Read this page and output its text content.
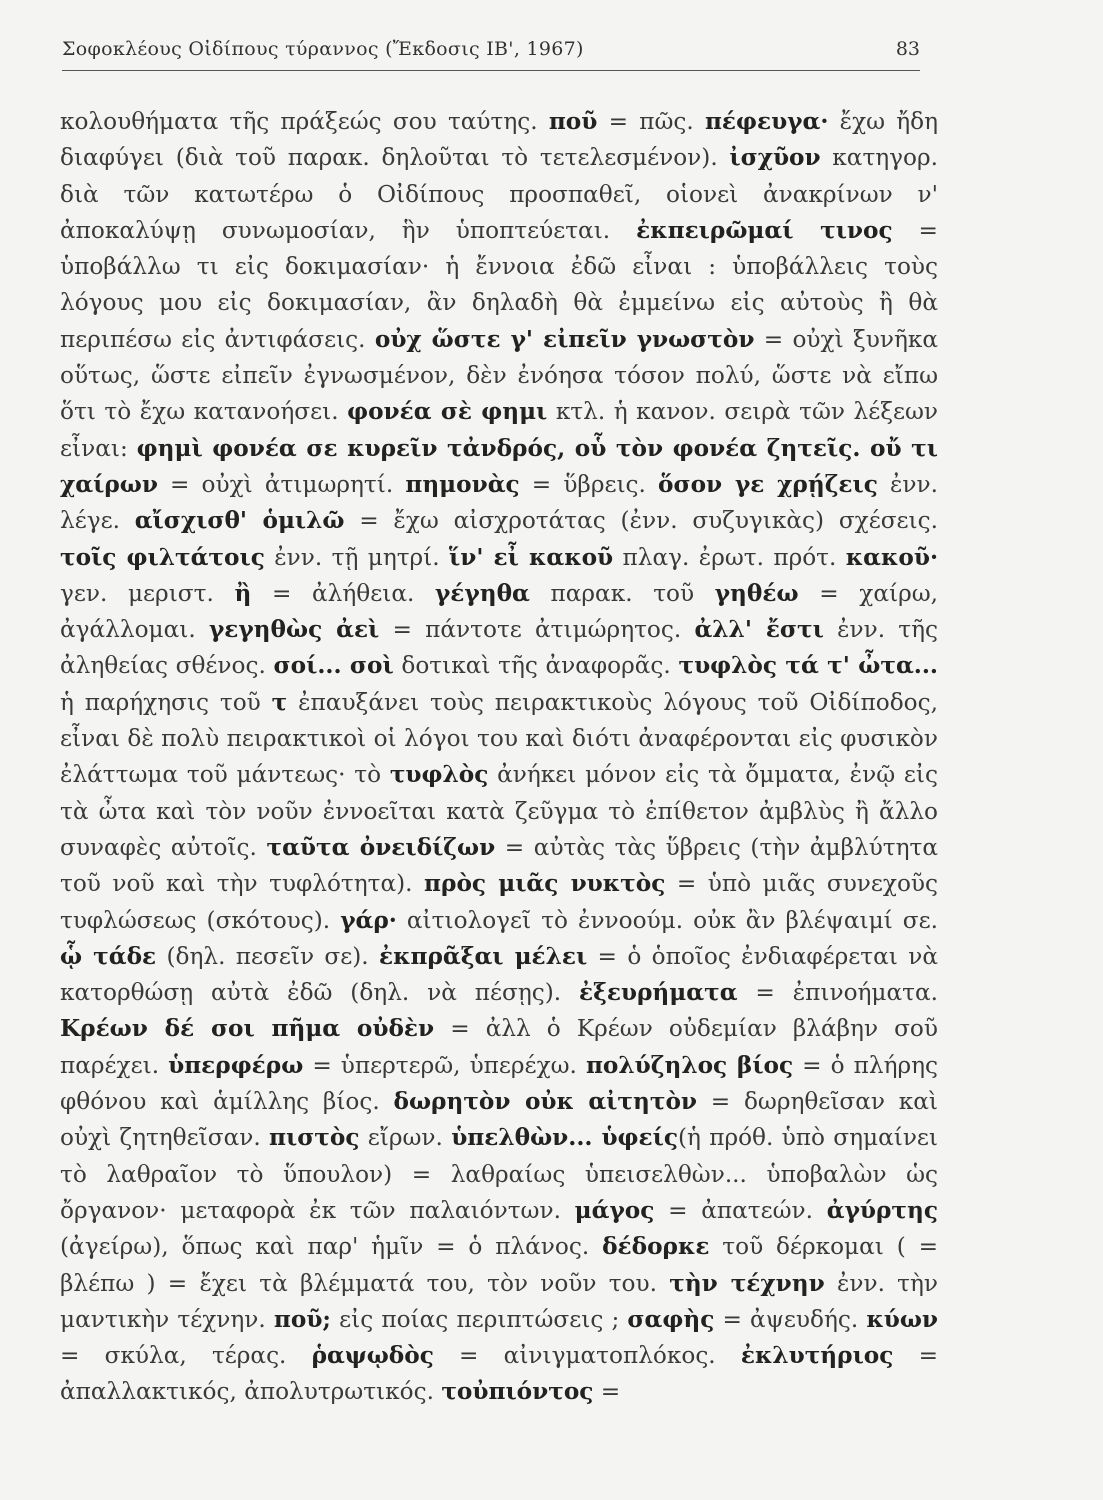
Σοφοκλέους Οἰδίπους τύραννος (Ἔκδοσις ΙΒ', 1967)	83
κολουθήματα τῆς πράξεώς σου ταύτης. ποῦ = πῶς. πέφευγα· ἔχω ἤδη διαφύγει (διὰ τοῦ παρακ. δηλοῦται τὸ τετελεσμένον). ἰσχῦον κατηγορ. διὰ τῶν κατωτέρω ὁ Οἰδίπους προσπαθεῖ, οἱονεὶ ἀνακρίνων ν' ἀποκαλύψῃ συνωμοσίαν, ἣν ὑποπτεύεται. ἐκπειρῶμαί τινος = ὑποβάλλω τι εἰς δοκιμασίαν· ἡ ἔννοια ἐδῶ εἶναι : ὑποβάλλεις τοὺς λόγους μου εἰς δοκιμασίαν, ἂν δηλαδὴ θὰ ἐμμείνω εἰς αὐτοὺς ἢ θὰ περιπέσω εἰς ἀντιφάσεις. οὐχ ὥστε γ' εἰπεῖν γνωστὸν = οὐχὶ ξυνῆκα οὕτως, ὥστε εἰπεῖν ἐγνωσμένον, δὲν ἐνόησα τόσον πολύ, ὥστε νὰ εἴπω ὅτι τὸ ἔχω κατανοήσει. φονέα σὲ φημι κτλ. ἡ κανον. σειρὰ τῶν λέξεων εἶναι: φημὶ φονέα σε κυρεῖν τἀνδρός, οὗ τὸν φονέα ζητεῖς. οὔ τι χαίρων = οὐχὶ ἀτιμωρητί. πημονὰς = ὕβρεις. ὅσον γε χρῄζεις ἐνν. λέγε. αἴσχισθ' ὁμιλῶ = ἔχω αἰσχροτάτας (ἐνν. συζυγικὰς) σχέσεις. τοῖς φιλτάτοις ἐνν. τῇ μητρί. ἵν' εἶ κακοῦ πλαγ. ἐρωτ. πρότ. κακοῦ· γεν. μεριστ. ἢ = ἀλήθεια. γέγηθα παρακ. τοῦ γηθέω = χαίρω, ἀγάλλομαι. γεγηθὼς ἀεὶ = πάντοτε ἀτιμώρητος. ἀλλ' ἔστι ἐνν. τῆς ἀληθείας σθένος. σοί... σοὶ δοτικαὶ τῆς ἀναφορᾶς. τυφλὸς τά τ' ὦτα... ἡ παρήχησις τοῦ τ ἐπαυξάνει τοὺς πειρακτικοὺς λόγους τοῦ Οἰδίποδος, εἶναι δὲ πολὺ πειρακτικοὶ οἱ λόγοι του καὶ διότι ἀναφέρονται εἰς φυσικὸν ἐλάττωμα τοῦ μάντεως· τὸ τυφλὸς ἀνήκει μόνον εἰς τὰ ὄμματα, ἐνῷ εἰς τὰ ὦτα καὶ τὸν νοῦν ἐννοεῖται κατὰ ζεῦγμα τὸ ἐπίθετον ἀμβλὺς ἢ ἄλλο συναφὲς αὐτοῖς. ταῦτα ὀνειδίζων = αὐτὰς τὰς ὕβρεις (τὴν ἀμβλύτητα τοῦ νοῦ καὶ τὴν τυφλότητα). πρὸς μιᾶς νυκτὸς = ὑπὸ μιᾶς συνεχοῦς τυφλώσεως (σκότους). γάρ· αἰτιολογεῖ τὸ ἐννοούμ. οὐκ ἂν βλέψαιμί σε. ᾧ τάδε (δηλ. πεσεῖν σε). ἐκπρᾶξαι μέλει = ὁ ὁποῖος ἐνδιαφέρεται νὰ κατορθώσῃ αὐτὰ ἐδῶ (δηλ. νὰ πέσῃς). ἐξευρήματα = ἐπινοήματα. Κρέων δέ σοι πῆμα οὐδὲν = ἀλλ ὁ Κρέων οὐδεμίαν βλάβην σοῦ παρέχει. ὑπερφέρω = ὑπερτερῶ, ὑπερέχω. πολύζηλος βίος = ὁ πλήρης φθόνου καὶ ἁμίλλης βίος. δωρητὸν οὐκ αἰτητὸν = δωρηθεῖσαν καὶ οὐχὶ ζητηθεῖσαν. πιστὸς εἴρων. ὑπελθὼν... ὑφείς(ἡ πρόθ. ὑπὸ σημαίνει τὸ λαθραῖον τὸ ὕπουλον) = λαθραίως ὑπεισελθὼν... ὑποβαλὼν ὡς ὄργανον· μεταφορὰ ἐκ τῶν παλαιόντων. μάγος = ἀπατεών. ἀγύρτης (ἀγείρω), ὅπως καὶ παρ' ἡμῖν = ὁ πλάνος. δέδορκε τοῦ δέρκομαι ( = βλέπω ) = ἔχει τὰ βλέμματά του, τὸν νοῦν του. τὴν τέχνην ἐνν. τὴν μαντικὴν τέχνην. ποῦ; εἰς ποίας περιπτώσεις ; σαφὴς = ἀψευδής. κύων = σκύλα, τέρας. ῥαψῳδὸς = αἰνιγματοπλόκος. ἐκλυτήριος = ἀπαλλακτικός, ἀπολυτρωτικός. τοὐπιόντος =
